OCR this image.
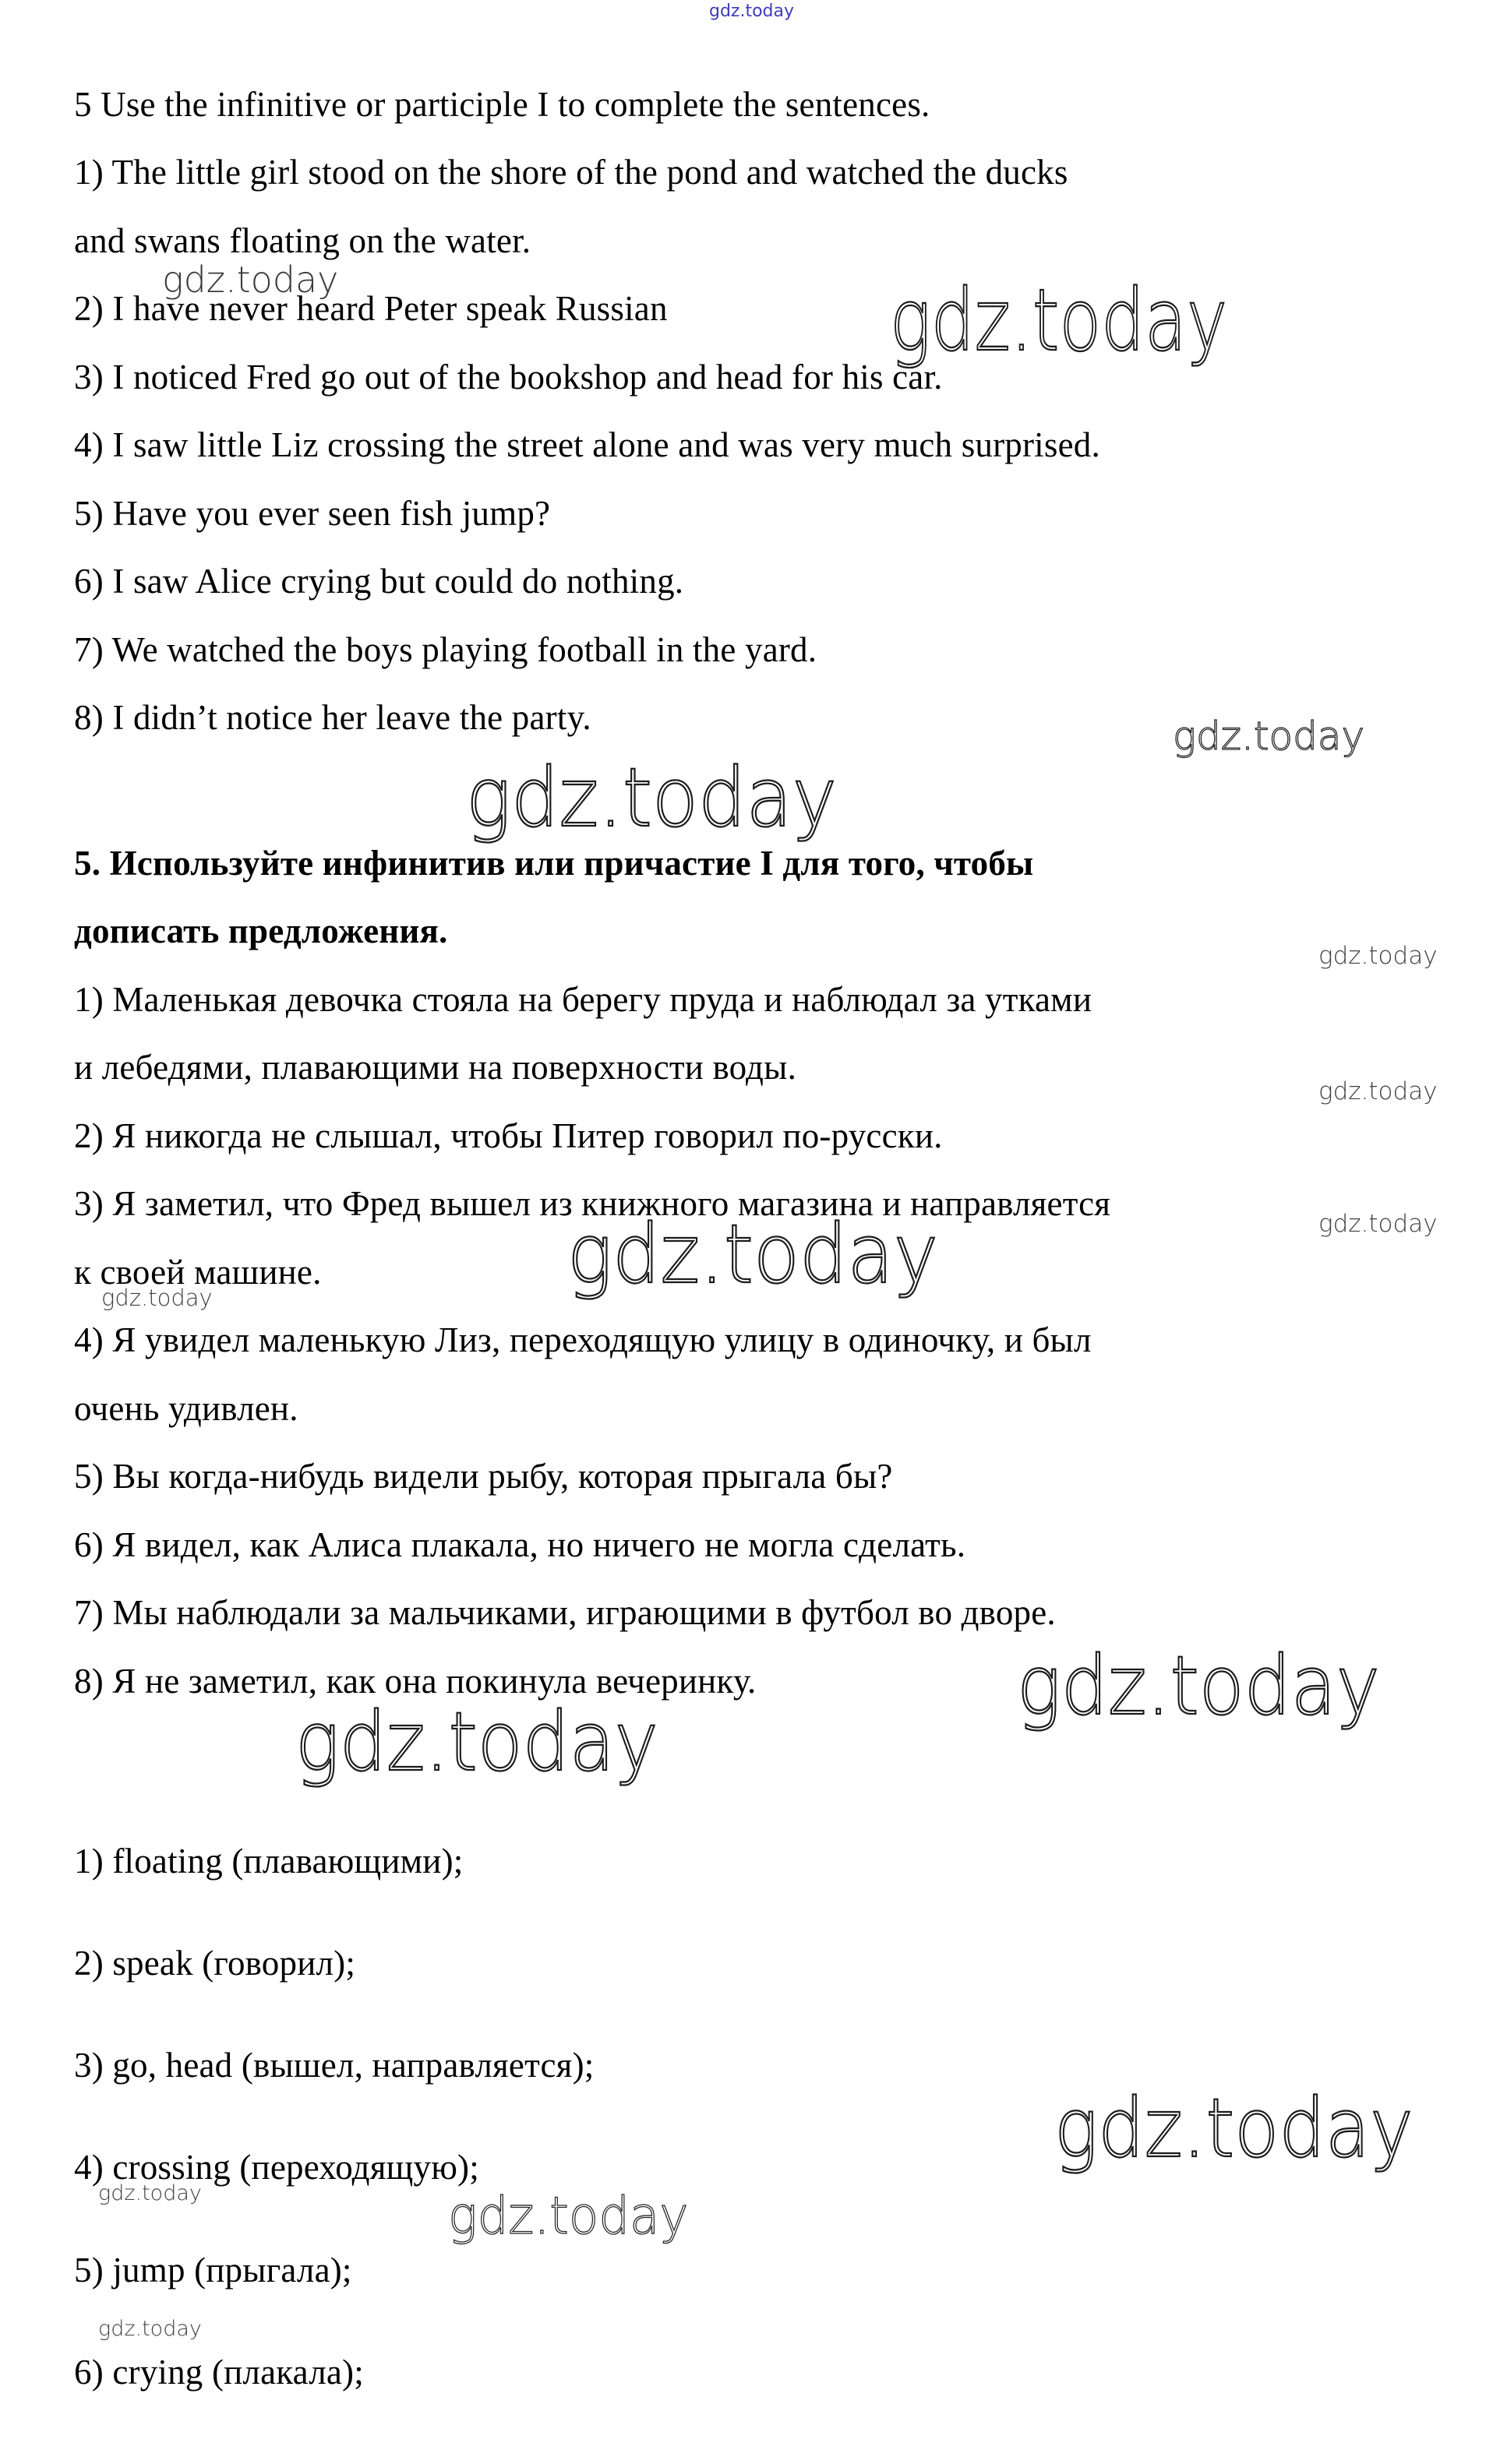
gdz.today
gdz.today	gdz.today
gdz.today
gdz.today
gdz.today
gdz.today
gdz.today
gdz.today
gdz.today
gdz.today
gdz.today
gdz.today
gdz.today	gdz.today
gdz.today
5 Use the infinitive or participle I to complete the sentences.
1) The little girl stood on the shore of the pond and watched the ducks
and swans floating on the water.
2) I have never heard Peter speak Russian
3) I noticed Fred go out of the bookshop and head for his car.
4) I saw little Liz crossing the street alone and was very much surprised.
5) Have you ever seen fish jump?
6) I saw Alice crying but could do nothing.
7) We watched the boys playing football in the yard.
8) I didn’t notice her leave the party.
5. Используйте инфинитив или причастие I для того, чтобы
дописать предложения.
1) Маленькая девочка стояла на берегу пруда и наблюдал за утками
и лебедями, плавающими на поверхности воды.
2) Я никогда не слышал, чтобы Питер говорил по-русски.
3) Я заметил, что Фред вышел из книжного магазина и направляется
к своей машине.
4) Я увидел маленькую Лиз, переходящую улицу в одиночку, и был
очень удивлен.
5) Вы когда-нибудь видели рыбу, которая прыгала бы?
6) Я видел, как Алиса плакала, но ничего не могла сделать.
7) Мы наблюдали за мальчиками, играющими в футбол во дворе.
8) Я не заметил, как она покинула вечеринку.
1) floating (плавающими);
2) speak (говорил);
3) go, head (вышел, направляется);
4) crossing (переходящую);
5) jump (прыгала);
6) crying (плакала);
